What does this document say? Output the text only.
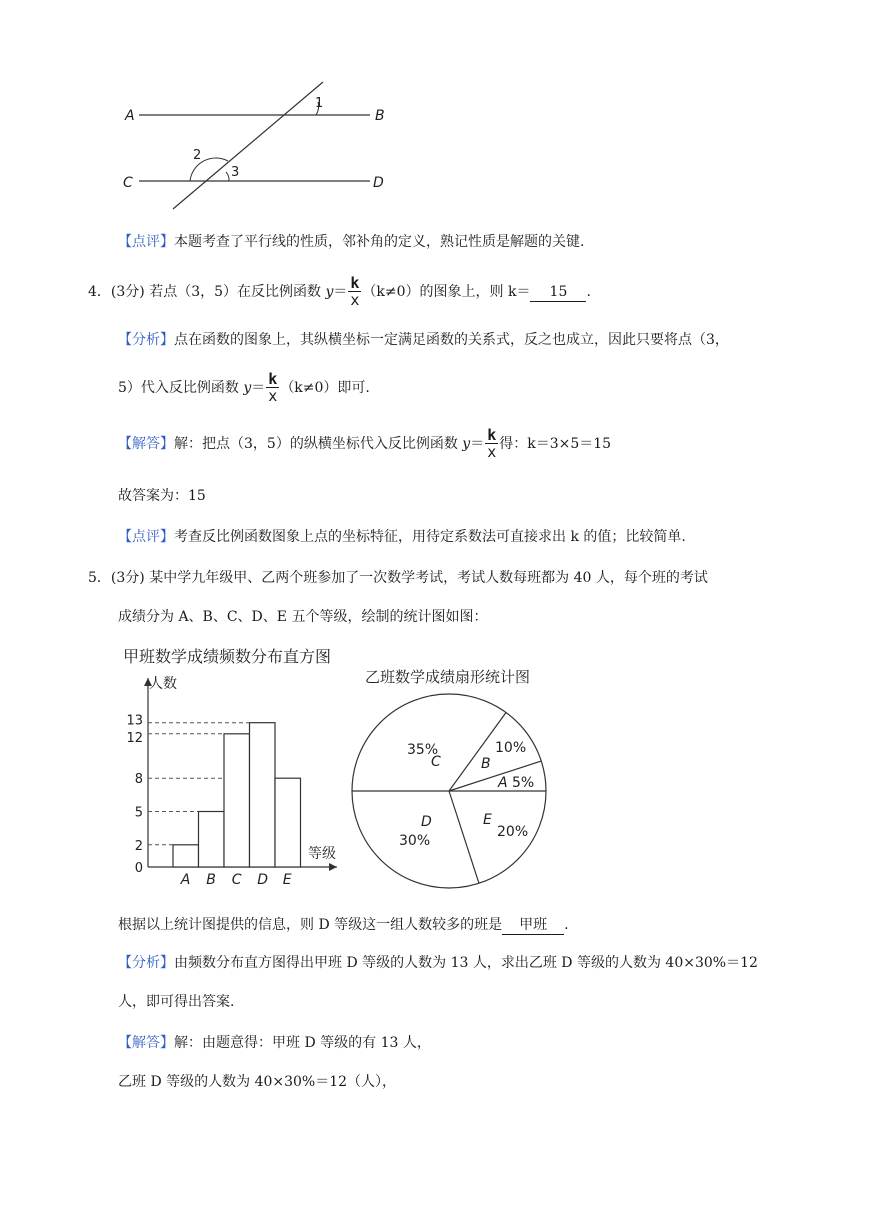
A	B
C	D
1
2
3
【点评】本题考查了平行线的性质，邻补角的定义，熟记性质是解题的关键.
4．(3分) 若点（3，5）在反比例函数 $y= \frac{k}{x} (k\ne 0)$的图象上，则 k＝ 15 .
【分析】点在函数的图象上，其纵横坐标一定满足函数的关系式，反之也成立，因此只要将点（3，
5）代入反比例函数 $y= \frac{k}{x} (k\ne 0)$即可.
【解答】解：把点（3，5）的纵横坐标代入反比例函数 $y= \frac{k}{x}$ 得：k＝3×5＝15
故答案为：15
【点评】考查反比例函数图象上点的坐标特征，用待定系数法可直接求出 k 的值；比较简单.
5．(3分) 某中学九年级甲、乙两个班参加了一次数学考试，考试人数每班都为 40 人，每个班的考试
成绩分为 A、B、C、D、E 五个等级，绘制的统计图如图：
甲班数学成绩频数分布直方图
0
2
5
8
12
13
A B C D E
人数
等级
乙班数学成绩扇形统计图
C
35%
B
10%
A 5%
E
20%
D
30%
根据以上统计图提供的信息，则 D 等级这一组人数较多的班是 甲班 .
【分析】由频数分布直方图得出甲班 D 等级的人数为 13 人，求出乙班 D 等级的人数为 40×30%＝12
人，即可得出答案.
【解答】解：由题意得：甲班 D 等级的有 13 人，
乙班 D 等级的人数为 40×30%＝12（人），
